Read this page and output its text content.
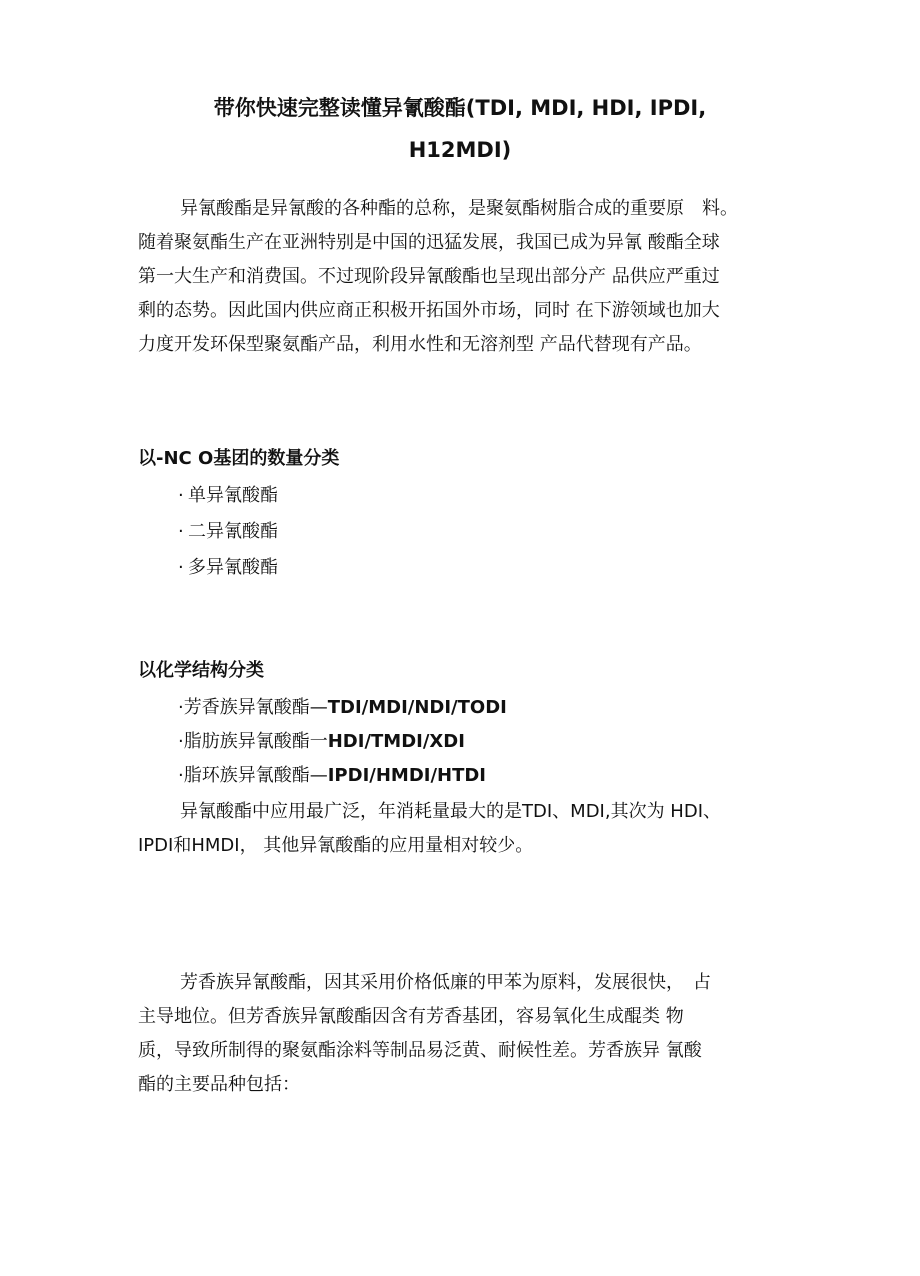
带你快速完整读懂异氰酸酯(TDI, MDI, HDI, IPDI,
H12MDI)
异氰酸酯是异氰酸的各种酯的总称，是聚氨酯树脂合成的重要原　料。
随着聚氨酯生产在亚洲特别是中国的迅猛发展，我国已成为异氰 酸酯全球
第一大生产和消费国。不过现阶段异氰酸酯也呈现出部分产 品供应严重过
剩的态势。因此国内供应商正积极开拓国外市场，同时 在下游领域也加大
力度开发环保型聚氨酯产品，利用水性和无溶剂型 产品代替现有产品。
以-NC O基团的数量分类
· 单异氰酸酯
· 二异氰酸酯
· 多异氰酸酯
以化学结构分类
·芳香族异氰酸酯—TDI/MDI/NDI/TODI
·脂肪族异氰酸酯一HDI/TMDI/XDI
·脂环族异氰酸酯—IPDI/HMDI/HTDI
异氰酸酯中应用最广泛，年消耗量最大的是TDI、MDI,其次为 HDI、
IPDI和HMDI， 其他异氰酸酯的应用量相对较少。
芳香族异氰酸酯，因其采用价格低廉的甲苯为原料，发展很快，　占
主导地位。但芳香族异氰酸酯因含有芳香基团，容易氧化生成醌类 物
质，导致所制得的聚氨酯涂料等制品易泛黄、耐候性差。芳香族异 氰酸
酯的主要品种包括：
